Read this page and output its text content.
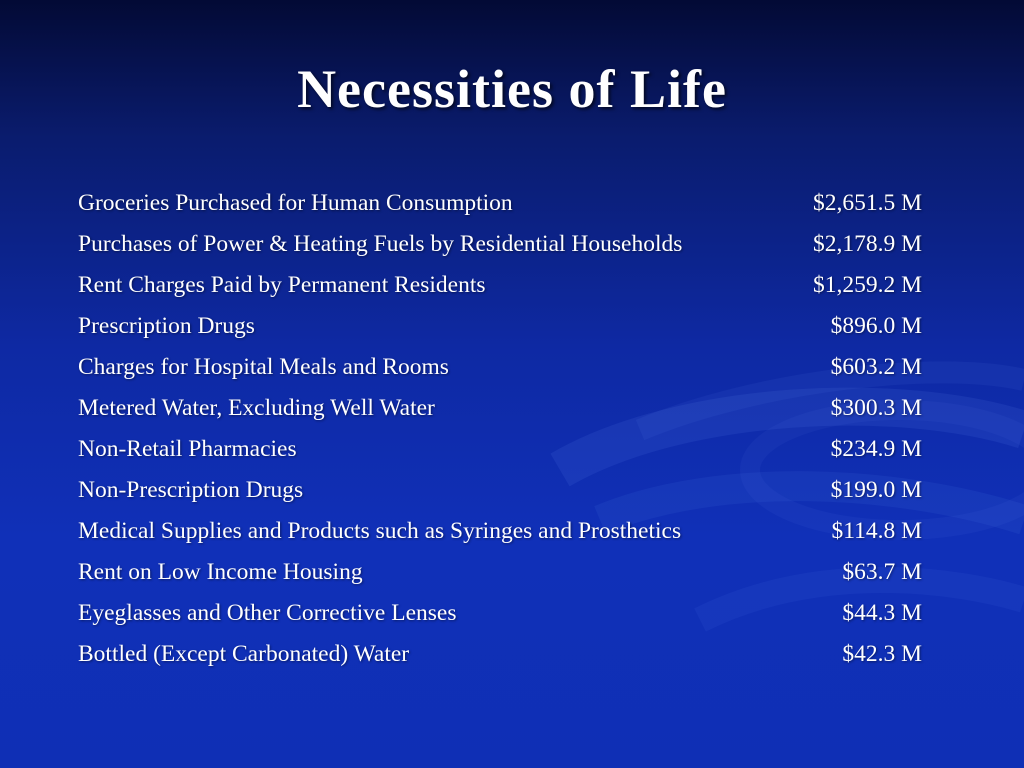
Necessities of Life
Groceries Purchased for Human Consumption	$2,651.5 M
Purchases of Power & Heating Fuels by Residential Households	$2,178.9 M
Rent Charges Paid by Permanent Residents	$1,259.2 M
Prescription Drugs	$896.0 M
Charges for Hospital Meals and Rooms	$603.2 M
Metered Water, Excluding Well Water	$300.3 M
Non-Retail Pharmacies	$234.9 M
Non-Prescription Drugs	$199.0 M
Medical Supplies and Products such as Syringes and Prosthetics	$114.8 M
Rent on Low Income Housing	$63.7 M
Eyeglasses and Other Corrective Lenses	$44.3 M
Bottled (Except Carbonated) Water	$42.3 M
